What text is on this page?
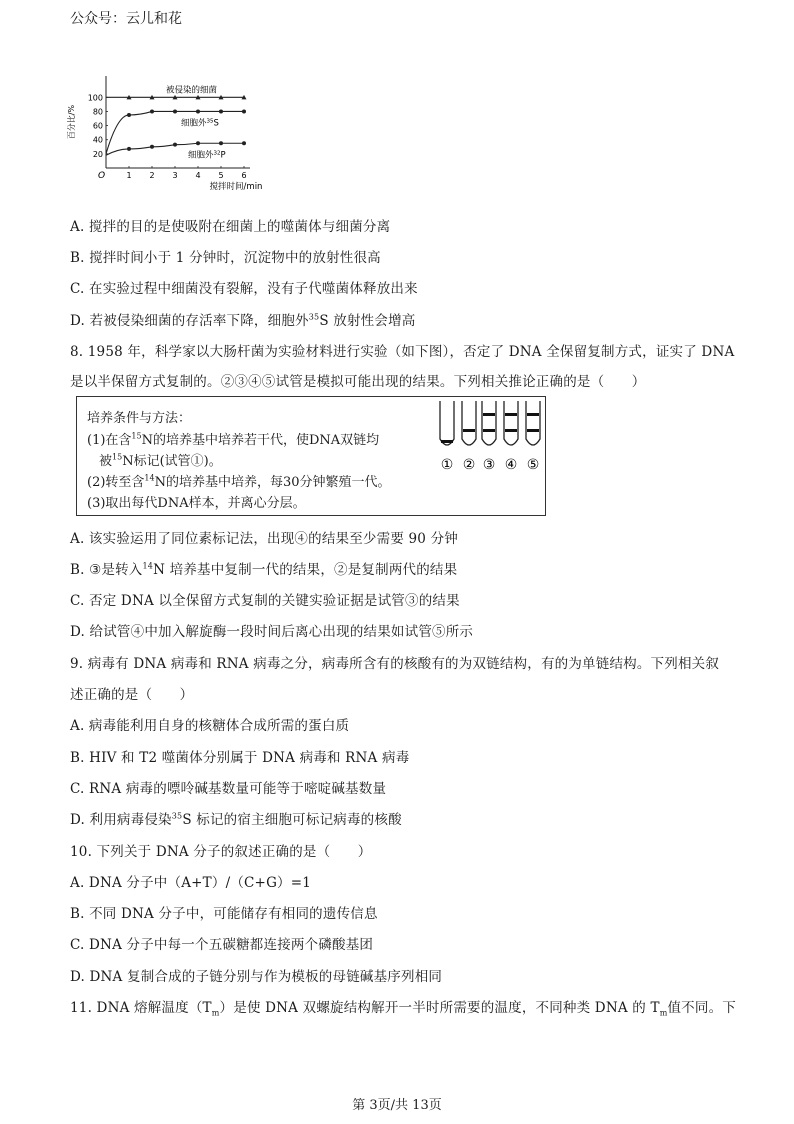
公众号：云儿和花
百分比/%
O	1 2 3 4 5 6
20
40
60
80
100
搅拌时间/min
被侵染的细菌
细胞外$^{35}$S
细胞外$^{32}$P
A. 搅拌的目的是使吸附在细菌上的噬菌体与细菌分离
B. 搅拌时间小于 1 分钟时，沉淀物中的放射性很高
C. 在实验过程中细菌没有裂解，没有子代噬菌体释放出来
D. 若被侵染细菌的存活率下降，细胞外$^{35}$S 放射性会增高
8. 1958 年，科学家以大肠杆菌为实验材料进行实验（如下图），否定了 DNA 全保留复制方式，证实了 DNA
是以半保留方式复制的。②③④⑤试管是模拟可能出现的结果。下列相关推论正确的是（　　）
培养条件与方法：
(1)在含$^{15}$N的培养基中培养若干代，使DNA双链均
被$^{15}$N标记(试管①)。
(2)转至含$^{14}$N的培养基中培养，每30分钟繁殖一代。
(3)取出每代DNA样本，并离心分层。
① ② ③ ④ ⑤
A. 该实验运用了同位素标记法，出现④的结果至少需要 90 分钟
B. ③是转入$^{14}$N 培养基中复制一代的结果，②是复制两代的结果
C. 否定 DNA 以全保留方式复制的关键实验证据是试管③的结果
D. 给试管④中加入解旋酶一段时间后离心出现的结果如试管⑤所示
9. 病毒有 DNA 病毒和 RNA 病毒之分，病毒所含有的核酸有的为双链结构，有的为单链结构。下列相关叙
述正确的是（　　）
A. 病毒能利用自身的核糖体合成所需的蛋白质
B. HIV 和 T2 噬菌体分别属于 DNA 病毒和 RNA 病毒
C. RNA 病毒的嘌呤碱基数量可能等于嘧啶碱基数量
D. 利用病毒侵染$^{35}$S 标记的宿主细胞可标记病毒的核酸
10. 下列关于 DNA 分子的叙述正确的是（　　）
A. DNA 分子中（A+T）/（C+G）=1
B. 不同 DNA 分子中，可能储存有相同的遗传信息
C. DNA 分子中每一个五碳糖都连接两个磷酸基团
D. DNA 复制合成的子链分别与作为模板的母链碱基序列相同
11. DNA 熔解温度$(T_m)$是使 DNA 双螺旋结构解开一半时所需要的温度，不同种类 DNA 的 $T_m$值不同。下
第 3页/共 13页
